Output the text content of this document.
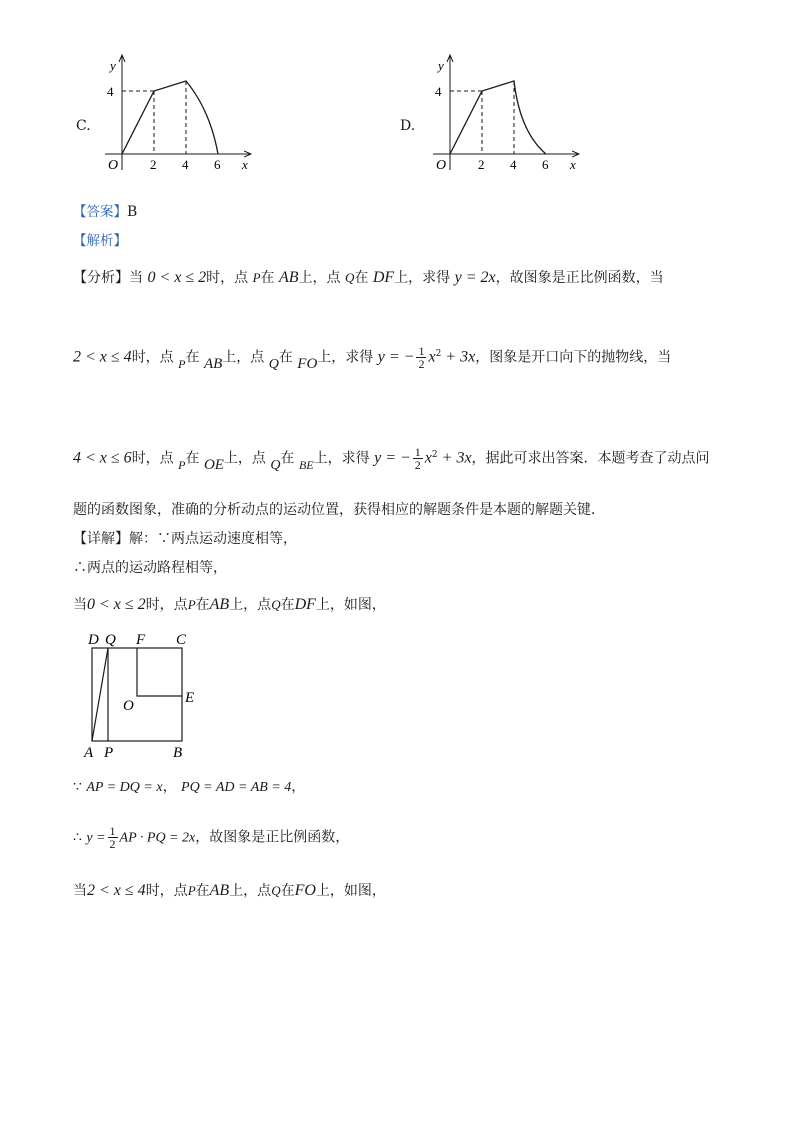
C.
y
x
O
4
2 4 6
D.
y
x
O
4
2 4 6
【答案】B
【解析】
【分析】当 0 < x ≤ 2时，点 P在 AB上，点 Q在 DF上，求得 y = 2x，故图象是正比例函数，当
2 < x ≤ 4时，点 P在 AB上，点 Q在 FO上，求得 y = − $\frac{1}{2} x^2 + 3x$，图象是开口向下的抛物线，当
4 < x ≤ 6时，点 P在 OE上，点 Q在 BE上，求得 y = − $\frac{1}{2} x^2 + 3x$，据此可求出答案．本题考查了动点问
题的函数图象，准确的分析动点的运动位置，获得相应的解题条件是本题的解题关键．
【详解】解：∵两点运动速度相等，
∴两点的运动路程相等，
当0 < x ≤ 2时，点P在AB上，点Q在DF上，如图，
D Q F C
O	E
A P	B
∵ AP = DQ = x， PQ = AD = AB = 4，
∴ $y = \frac{1}{2}$ AP · PQ = 2x，故图象是正比例函数，
当2 < x ≤ 4时，点P在AB上，点Q在FO上，如图，
